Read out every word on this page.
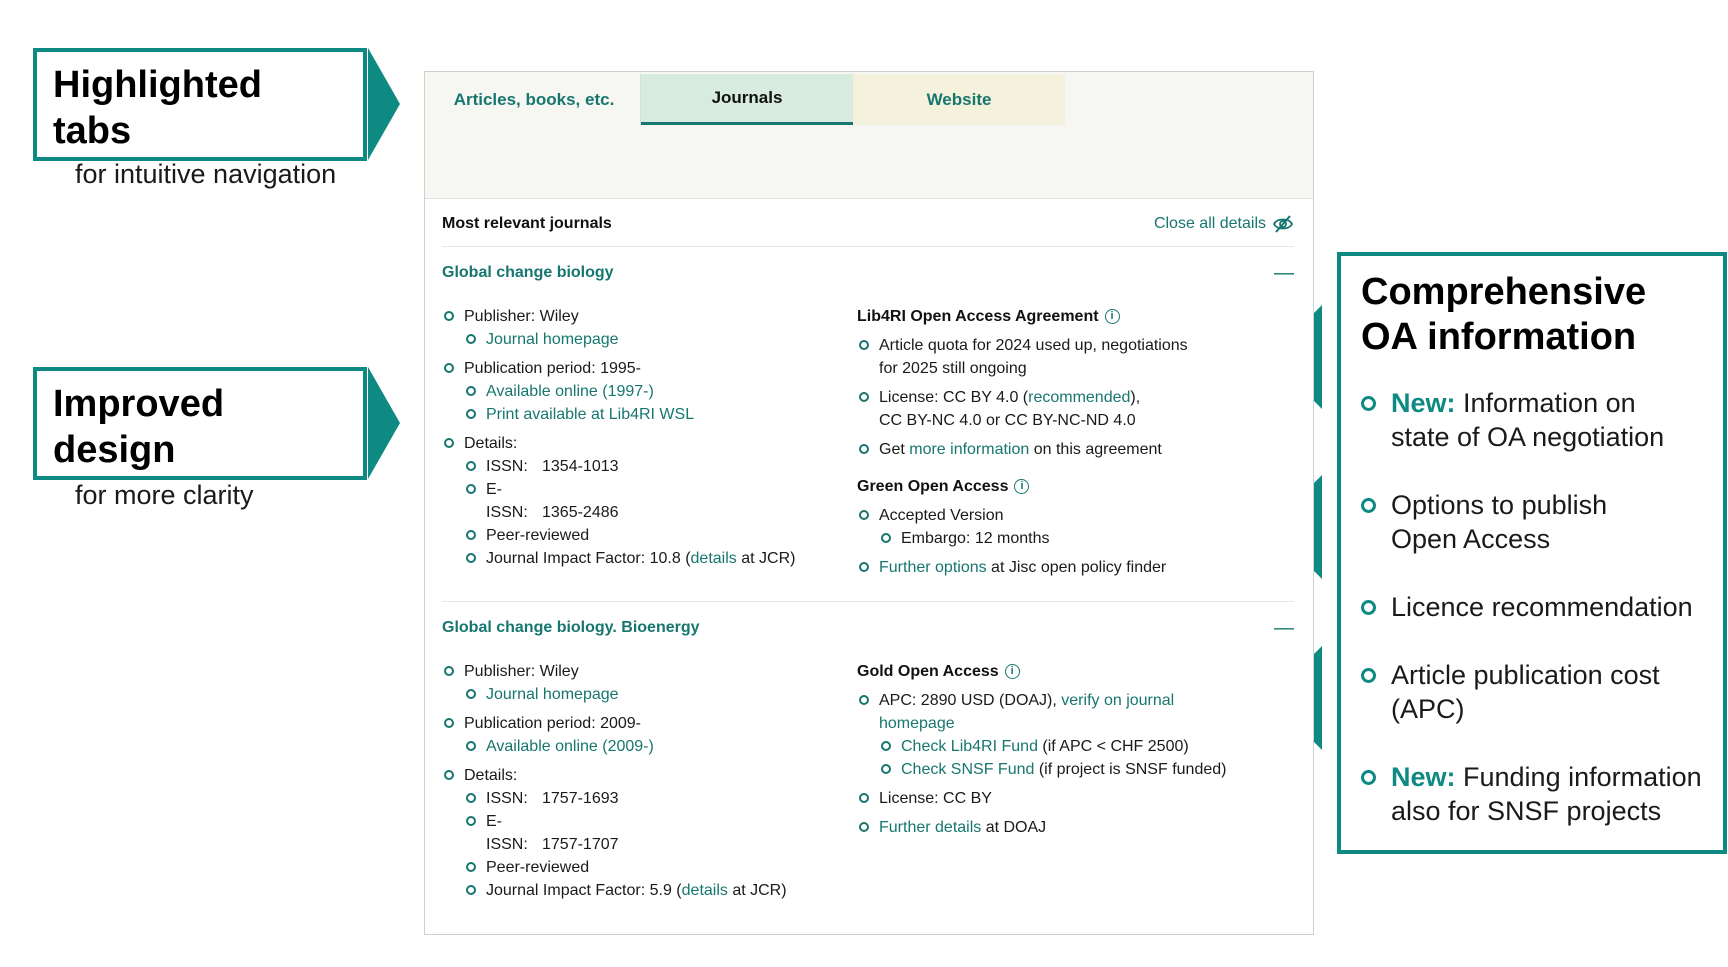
Highlighted tabs
for intuitive navigation
Improved design
for more clarity
Comprehensive
OA information
New: Information on
state of OA negotiation
Options to publish
Open Access
Licence recommendation
Article publication cost
(APC)
New: Funding information
also for SNSF projects
Articles, books, etc.	Journals	Website
Most relevant journals	Close all details
Global change biology	—
Publisher: Wiley
Journal homepage
Publication period: 1995-
Available online (1997-)
Print available at Lib4RI WSL
Details:
ISSN: 1354-1013
E-ISSN: 1365-2486
Peer-reviewed
Journal Impact Factor: 10.8 (details at JCR)
Lib4RI Open Access Agreement	i
Article quota for 2024 used up, negotiations
for 2025 still ongoing
License: CC BY 4.0 (recommended),
CC BY-NC 4.0 or CC BY-NC-ND 4.0
Get more information on this agreement
Green Open Access	i
Accepted Version
Embargo: 12 months
Further options at Jisc open policy finder
Global change biology. Bioenergy	—
Publisher: Wiley
Journal homepage
Publication period: 2009-
Available online (2009-)
Details:
ISSN: 1757-1693
E-ISSN: 1757-1707
Peer-reviewed
Journal Impact Factor: 5.9 (details at JCR)
Gold Open Access	i
APC: 2890 USD (DOAJ), verify on journal
homepage
Check Lib4RI Fund (if APC < CHF 2500)
Check SNSF Fund (if project is SNSF funded)
License: CC BY
Further details at DOAJ
